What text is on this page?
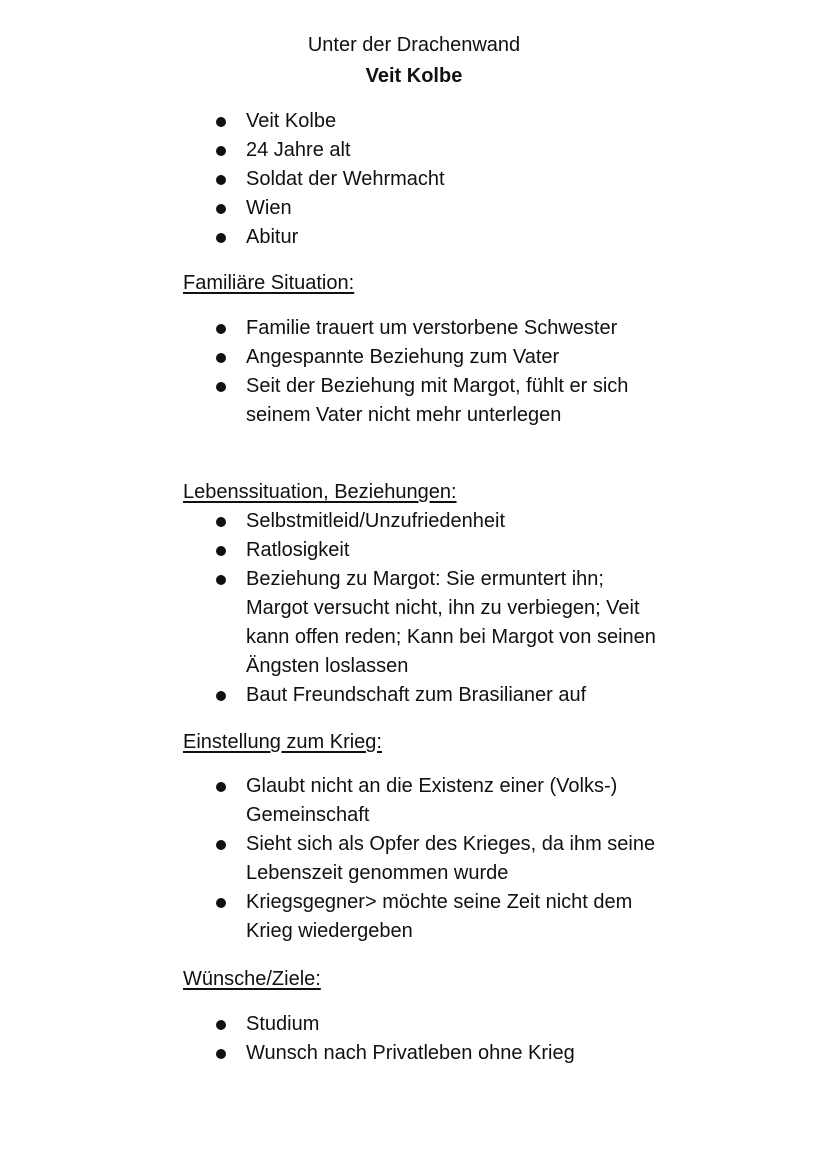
Unter der Drachenwand
Veit Kolbe
Veit Kolbe
24 Jahre alt
Soldat der Wehrmacht
Wien
Abitur
Familiäre Situation:
Familie trauert um verstorbene Schwester
Angespannte Beziehung zum Vater
Seit der Beziehung mit Margot, fühlt er sich seinem Vater nicht mehr unterlegen
Lebenssituation, Beziehungen:
Selbstmitleid/Unzufriedenheit
Ratlosigkeit
Beziehung zu Margot: Sie ermuntert ihn; Margot versucht nicht, ihn zu verbiegen; Veit kann offen reden; Kann bei Margot von seinen Ängsten loslassen
Baut Freundschaft zum Brasilianer auf
Einstellung zum Krieg:
Glaubt nicht an die Existenz einer (Volks-) Gemeinschaft
Sieht sich als Opfer des Krieges, da ihm seine Lebenszeit genommen wurde
Kriegsgegner> möchte seine Zeit nicht dem Krieg wiedergeben
Wünsche/Ziele:
Studium
Wunsch nach Privatleben ohne Krieg
